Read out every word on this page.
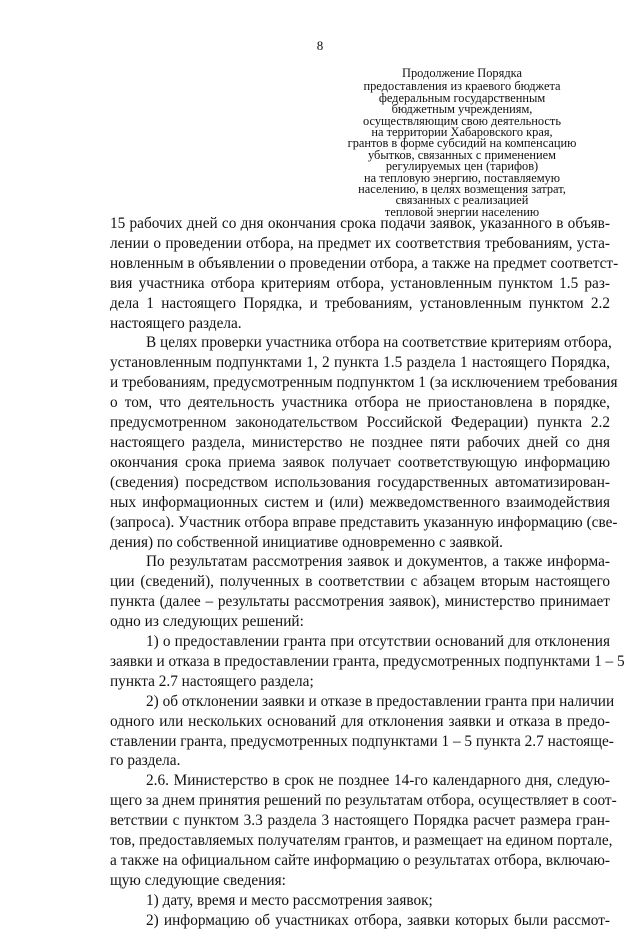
8
Продолжение Порядка
предоставления из краевого бюджета
федеральным государственным
бюджетным учреждениям,
осуществляющим свою деятельность
на территории Хабаровского края,
грантов в форме субсидий на компенсацию
убытков, связанных с применением
регулируемых цен (тарифов)
на тепловую энергию, поставляемую
населению, в целях возмещения затрат,
связанных с реализацией
тепловой энергии населению
15 рабочих дней со дня окончания срока подачи заявок, указанного в объяв-
лении о проведении отбора, на предмет их соответствия требованиям, уста-
новленным в объявлении о проведении отбора, а также на предмет соответст-
вия участника отбора критериям отбора, установленным пунктом 1.5 раз-
дела 1 настоящего Порядка, и требованиям, установленным пунктом 2.2
настоящего раздела.
В целях проверки участника отбора на соответствие критериям отбора,
установленным подпунктами 1, 2 пункта 1.5 раздела 1 настоящего Порядка,
и требованиям, предусмотренным подпунктом 1 (за исключением требования
о том, что деятельность участника отбора не приостановлена в порядке,
предусмотренном законодательством Российской Федерации) пункта 2.2
настоящего раздела, министерство не позднее пяти рабочих дней со дня
окончания срока приема заявок получает соответствующую информацию
(сведения) посредством использования государственных автоматизирован-
ных информационных систем и (или) межведомственного взаимодействия
(запроса). Участник отбора вправе представить указанную информацию (све-
дения) по собственной инициативе одновременно с заявкой.
По результатам рассмотрения заявок и документов, а также информа-
ции (сведений), полученных в соответствии с абзацем вторым настоящего
пункта (далее – результаты рассмотрения заявок), министерство принимает
одно из следующих решений:
1) о предоставлении гранта при отсутствии оснований для отклонения
заявки и отказа в предоставлении гранта, предусмотренных подпунктами 1 – 5
пункта 2.7 настоящего раздела;
2) об отклонении заявки и отказе в предоставлении гранта при наличии
одного или нескольких оснований для отклонения заявки и отказа в предо-
ставлении гранта, предусмотренных подпунктами 1 – 5 пункта 2.7 настояще-
го раздела.
2.6. Министерство в срок не позднее 14-го календарного дня, следую-
щего за днем принятия решений по результатам отбора, осуществляет в соот-
ветствии с пунктом 3.3 раздела 3 настоящего Порядка расчет размера гран-
тов, предоставляемых получателям грантов, и размещает на едином портале,
а также на официальном сайте информацию о результатах отбора, включаю-
щую следующие сведения:
1) дату, время и место рассмотрения заявок;
2) информацию об участниках отбора, заявки которых были рассмот-
